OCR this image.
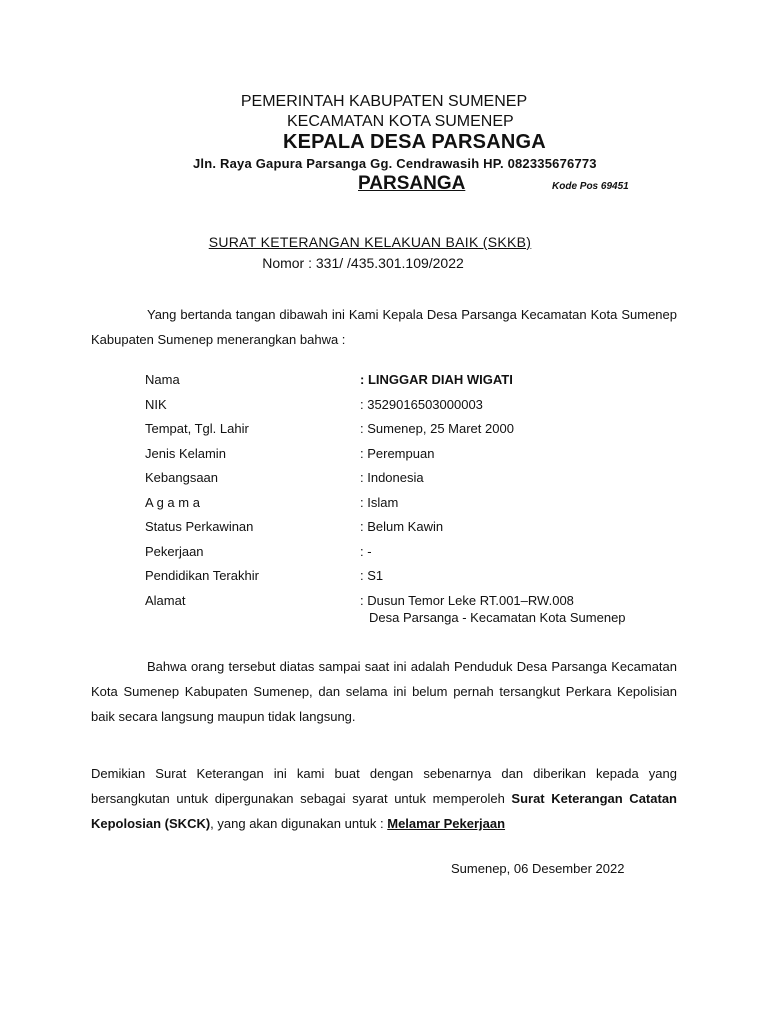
PEMERINTAH KABUPATEN SUMENEP
KECAMATAN KOTA SUMENEP
KEPALA DESA PARSANGA
Jln. Raya Gapura Parsanga Gg. Cendrawasih HP. 082335676773
PARSANGA	Kode Pos 69451
SURAT KETERANGAN KELAKUAN BAIK (SKKB)
Nomor : 331/ /435.301.109/2022
Yang bertanda tangan dibawah ini Kami Kepala Desa Parsanga Kecamatan Kota Sumenep Kabupaten Sumenep menerangkan bahwa :
Nama	: LINGGAR DIAH WIGATI
NIK	: 3529016503000003
Tempat, Tgl. Lahir	: Sumenep, 25 Maret 2000
Jenis Kelamin	: Perempuan
Kebangsaan	: Indonesia
A g a m a	: Islam
Status Perkawinan	: Belum Kawin
Pekerjaan	: -
Pendidikan Terakhir	: S1
Alamat	: Dusun Temor Leke RT.001–RW.008
Desa Parsanga - Kecamatan Kota Sumenep
Bahwa orang tersebut diatas sampai saat ini adalah Penduduk Desa Parsanga Kecamatan Kota Sumenep Kabupaten Sumenep, dan selama ini belum pernah tersangkut Perkara Kepolisian baik secara langsung maupun tidak langsung.
Demikian Surat Keterangan ini kami buat dengan sebenarnya dan diberikan kepada yang bersangkutan untuk dipergunakan sebagai syarat untuk memperoleh Surat Keterangan Catatan Kepolosian (SKCK), yang akan digunakan untuk : Melamar Pekerjaan
Sumenep, 06 Desember 2022
